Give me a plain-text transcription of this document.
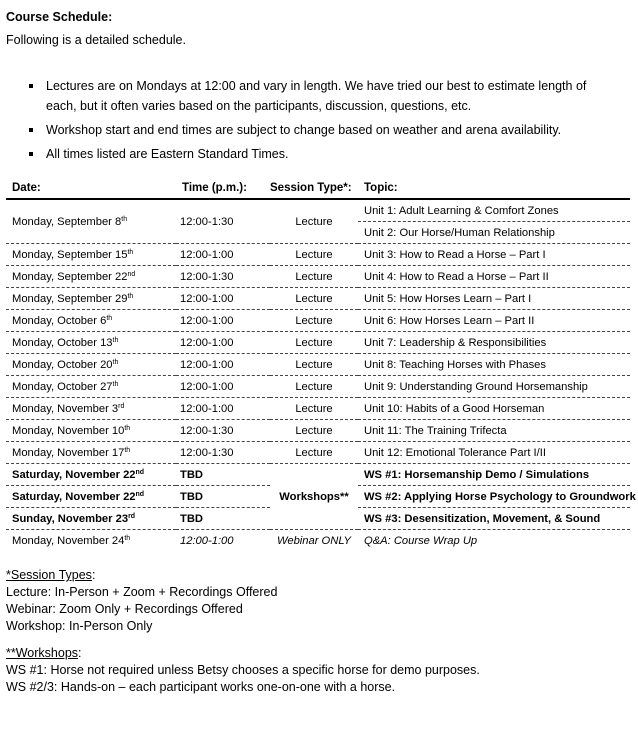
Course Schedule:
Following is a detailed schedule.
Lectures are on Mondays at 12:00 and vary in length. We have tried our best to estimate length of each, but it often varies based on the participants, discussion, questions, etc.
Workshop start and end times are subject to change based on weather and arena availability.
All times listed are Eastern Standard Times.
Date:	Time (p.m.):	Session Type*:	Topic:
Monday, September 8th	12:00-1:30	Lecture	Unit 1: Adult Learning & Comfort Zones
			Unit 2: Our Horse/Human Relationship
Monday, September 15th	12:00-1:00	Lecture	Unit 3: How to Read a Horse – Part I
Monday, September 22nd	12:00-1:30	Lecture	Unit 4: How to Read a Horse – Part II
Monday, September 29th	12:00-1:00	Lecture	Unit 5: How Horses Learn – Part I
Monday, October 6th	12:00-1:00	Lecture	Unit 6: How Horses Learn – Part II
Monday, October 13th	12:00-1:00	Lecture	Unit 7: Leadership & Responsibilities
Monday, October 20th	12:00-1:00	Lecture	Unit 8: Teaching Horses with Phases
Monday, October 27th	12:00-1:00	Lecture	Unit 9: Understanding Ground Horsemanship
Monday, November 3rd	12:00-1:00	Lecture	Unit 10: Habits of a Good Horseman
Monday, November 10th	12:00-1:30	Lecture	Unit 11: The Training Trifecta
Monday, November 17th	12:00-1:30	Lecture	Unit 12: Emotional Tolerance Part I/II
Saturday, November 22nd	TBD	Workshops**	WS #1: Horsemanship Demo / Simulations
Saturday, November 22nd	TBD		WS #2: Applying Horse Psychology to Groundwork
Sunday, November 23rd	TBD		WS #3: Desensitization, Movement, & Sound
Monday, November 24th	12:00-1:00	Webinar ONLY	Q&A: Course Wrap Up
*Session Types:
Lecture: In-Person + Zoom + Recordings Offered
Webinar: Zoom Only + Recordings Offered
Workshop: In-Person Only
**Workshops:
WS #1: Horse not required unless Betsy chooses a specific horse for demo purposes.
WS #2/3: Hands-on – each participant works one-on-one with a horse.
